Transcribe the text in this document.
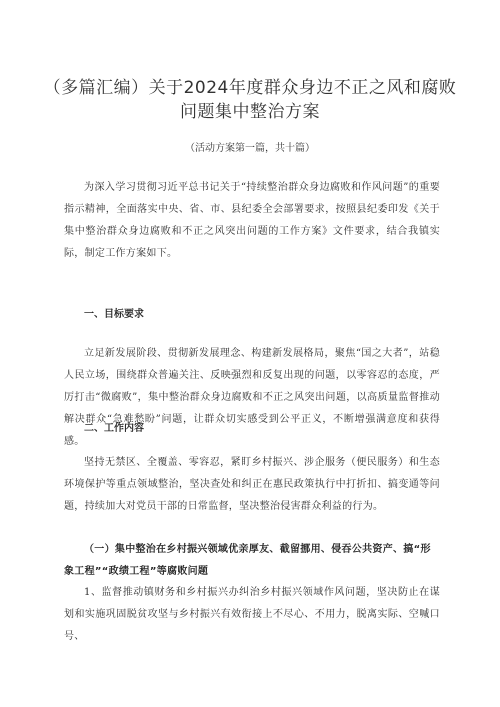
（多篇汇编）关于2024年度群众身边不正之风和腐败问题集中整治方案
（活动方案第一篇，共十篇）

为深入学习贯彻习近平总书记关于“持续整治群众身边腐败和作风问题”的重要指示精神，全面落实中央、省、市、县纪委全会部署要求，按照县纪委印发《关于集中整治群众身边腐败和不正之风突出问题的工作方案》文件要求，结合我镇实际，制定工作方案如下。

一、目标要求

立足新发展阶段、贯彻新发展理念、构建新发展格局，聚焦“国之大者”，站稳人民立场，围绕群众普遍关注、反映强烈和反复出现的问题，以零容忍的态度，严厉打击“微腐败”，集中整治群众身边腐败和不正之风突出问题，以高质量监督推动解决群众“急难愁盼”问题，让群众切实感受到公平正义，不断增强满意度和获得感。

二、工作内容

坚持无禁区、全覆盖、零容忍，紧盯乡村振兴、涉企服务（便民服务）和生态环境保护等重点领域整治，坚决查处和纠正在惠民政策执行中打折扣、搞变通等问题，持续加大对党员干部的日常监督，坚决整治侵害群众利益的行为。

（一）集中整治在乡村振兴领域优亲厚友、截留挪用、侵吞公共资产、搞“形象工程”“政绩工程”等腐败问题

1、监督推动镇财务和乡村振兴办纠治乡村振兴领域作风问题，坚决防止在谋划和实施巩固脱贫攻坚与乡村振兴有效衔接上不尽心、不用力，脱离实际、空喊口号、
